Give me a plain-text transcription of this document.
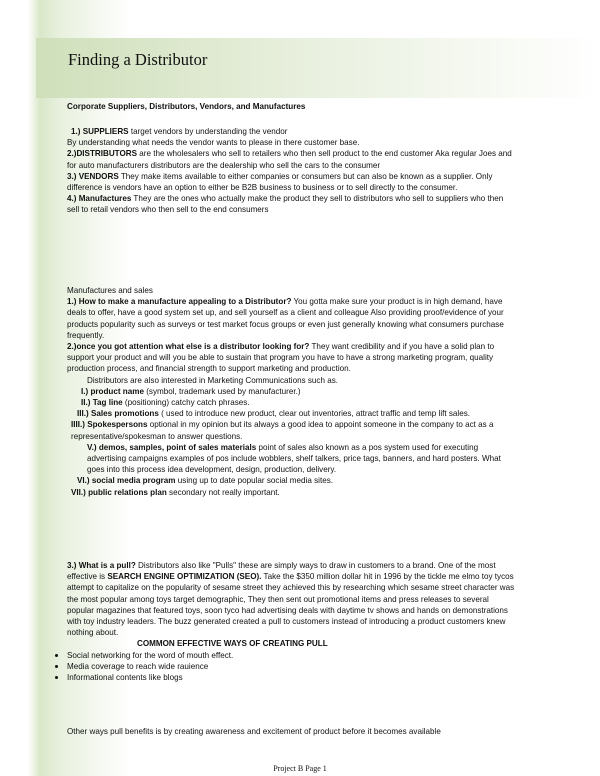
Finding a Distributor

Corporate Suppliers, Distributors, Vendors, and Manufactures

1.) SUPPLIERS target vendors by understanding the vendor

By understanding what needs the vendor wants to please in there customer base.

2.)DISTRIBUTORS are the wholesalers who sell to retailers who then sell product to the end customer Aka regular Joes and for auto manufacturers distributors are the dealership who sell the cars to the consumer

3.) VENDORS They make items available to either companies or consumers but can also be known as a supplier. Only difference is vendors have an option to either be B2B business to business or to sell directly to the consumer.

4.) Manufactures They are the ones who actually make the product they sell to distributors who sell to suppliers who then sell to retail vendors who then sell to the end consumers

Manufactures and sales

1.) How to make a manufacture appealing to a Distributor? You gotta make sure your product is in high demand, have deals to offer, have a good system set up, and sell yourself as a client and colleague Also providing proof/evidence of your products popularity such as surveys or test market focus groups or even just generally knowing what consumers purchase frequently.

2.)once you got attention what else is a distributor looking for? They want credibility and if you have a solid plan to support your product and will you be able to sustain that program you have to have a strong marketing program, quality production process, and financial strength to support marketing and production.

Distributors are also interested in Marketing Communications such as.

I.) product name (symbol, trademark used by manufacturer.)

II.) Tag line (positioning) catchy catch phrases.

III.) Sales promotions ( used to introduce new product, clear out inventories, attract traffic and temp lift sales.

IIII.) Spokespersons optional in my opinion but its always a good idea to appoint someone in the company to act as a representative/spokesman to answer questions.

V.) demos, samples, point of sales materials point of sales also known as a pos system used for executing advertising campaigns examples of pos include wobblers, shelf talkers, price tags, banners, and hard posters. What goes into this process idea development, design, production, delivery.

VI.) social media program using up to date popular social media sites.

VII.) public relations plan secondary not really important.

3.) What is a pull? Distributors also like "Pulls" these are simply ways to draw in customers to a brand. One of the most effective is SEARCH ENGINE OPTIMIZATION (SEO). Take the $350 million dollar hit in 1996 by the tickle me elmo toy tycos attempt to capitalize on the popularity of sesame street they achieved this by researching which sesame street character was the most popular among toys target demographic, They then sent out promotional items and press releases to several popular magazines that featured toys, soon tyco had advertising deals with daytime tv shows and hands on demonstrations with toy industry leaders. The buzz generated created a pull to customers instead of introducing a product customers knew nothing about.

COMMON EFFECTIVE WAYS OF CREATING PULL

Social networking for the word of mouth effect.
Media coverage to reach wide rauience
Informational contents like blogs

Other ways pull benefits is by creating awareness and excitement of product before it becomes available

Project B Page 1
